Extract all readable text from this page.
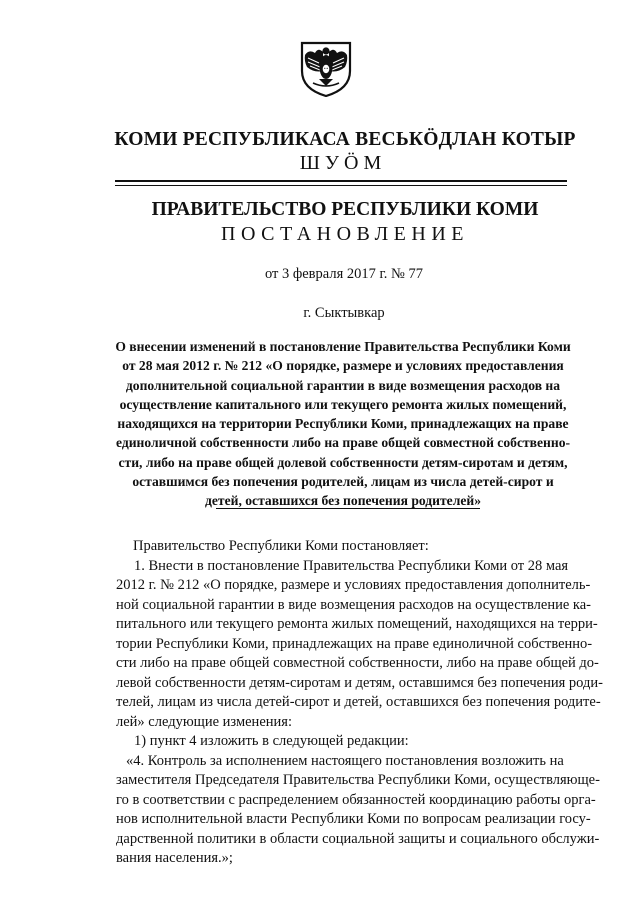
КОМИ РЕСПУБЛИКАСА ВЕСЬКӦДЛАН КОТЫР
ШУӦМ
ПРАВИТЕЛЬСТВО РЕСПУБЛИКИ КОМИ
ПОСТАНОВЛЕНИЕ
от 3 февраля 2017 г. № 77
г. Сыктывкар
О внесении изменений в постановление Правительства Республики Коми
от 28 мая 2012 г. № 212 «О порядке, размере и условиях предоставления
дополнительной социальной гарантии в виде возмещения расходов на
осуществление капитального или текущего ремонта жилых помещений,
находящихся на территории Республики Коми, принадлежащих на праве
единоличной собственности либо на праве общей совместной собственно-
сти, либо на праве общей долевой собственности детям-сиротам и детям,
оставшимся без попечения родителей, лицам из числа детей-сирот и
детей, оставшихся без попечения родителей»
Правительство Республики Коми постановляет:
1. Внести в постановление Правительства Республики Коми от 28 мая
2012 г. № 212 «О порядке, размере и условиях предоставления дополнитель-
ной социальной гарантии в виде возмещения расходов на осуществление ка-
питального или текущего ремонта жилых помещений, находящихся на терри-
тории Республики Коми, принадлежащих на праве единоличной собственно-
сти либо на праве общей совместной собственности, либо на праве общей до-
левой собственности детям-сиротам и детям, оставшимся без попечения роди-
телей, лицам из числа детей-сирот и детей, оставшихся без попечения родите-
лей» следующие изменения:
1) пункт 4 изложить в следующей редакции:
«4. Контроль за исполнением настоящего постановления возложить на
заместителя Председателя Правительства Республики Коми, осуществляюще-
го в соответствии с распределением обязанностей координацию работы орга-
нов исполнительной власти Республики Коми по вопросам реализации госу-
дарственной политики в области социальной защиты и социального обслужи-
вания населения.»;
